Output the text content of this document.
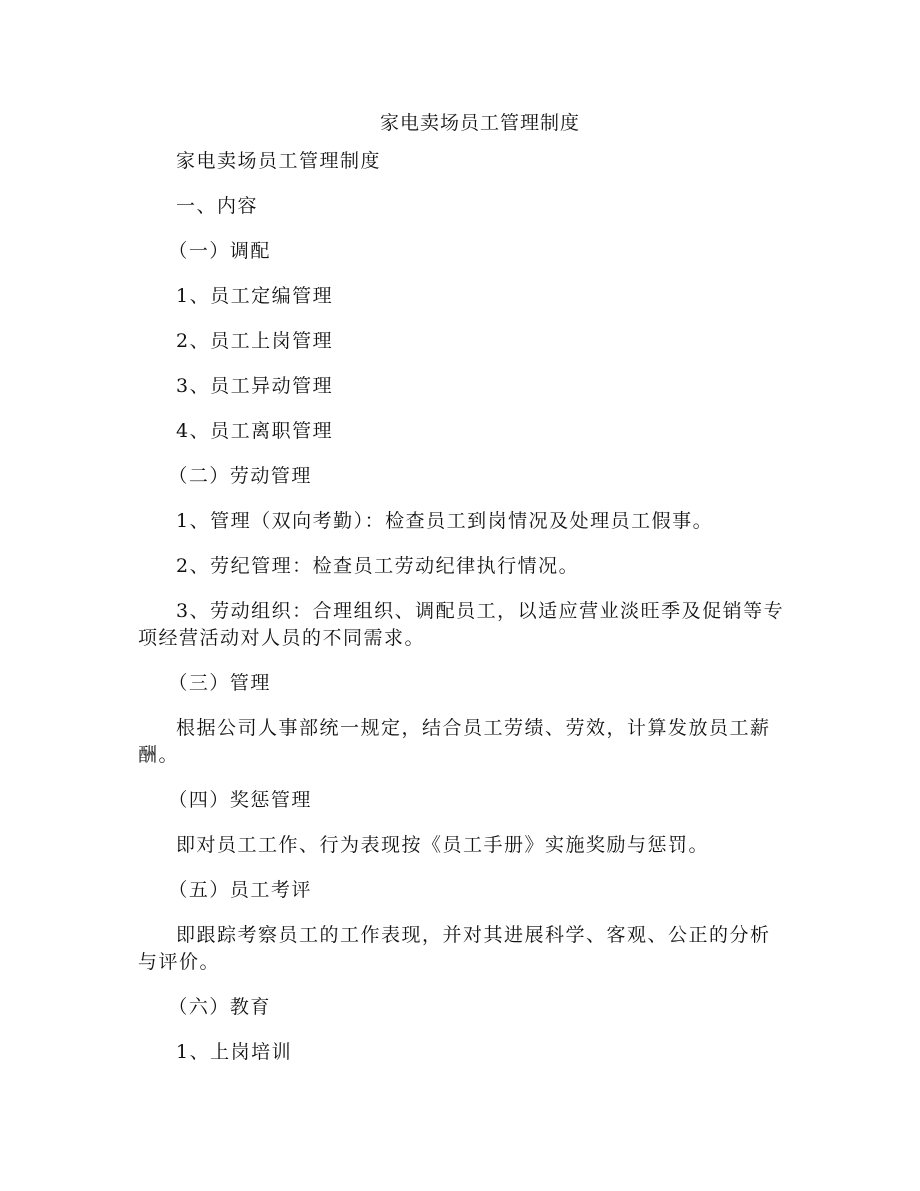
家电卖场员工管理制度

家电卖场员工管理制度

一、内容

（一）调配

1、员工定编管理

2、员工上岗管理

3、员工异动管理

4、员工离职管理

（二）劳动管理

1、管理（双向考勤）：检查员工到岗情况及处理员工假事。

2、劳纪管理：检查员工劳动纪律执行情况。

3、劳动组织：合理组织、调配员工，以适应营业淡旺季及促销等专项经营活动对人员的不同需求。

（三）管理

根据公司人事部统一规定，结合员工劳绩、劳效，计算发放员工薪酬。

（四）奖惩管理

即对员工工作、行为表现按《员工手册》实施奖励与惩罚。

（五）员工考评

即跟踪考察员工的工作表现，并对其进展科学、客观、公正的分析与评价。

（六）教育

1、上岗培训
